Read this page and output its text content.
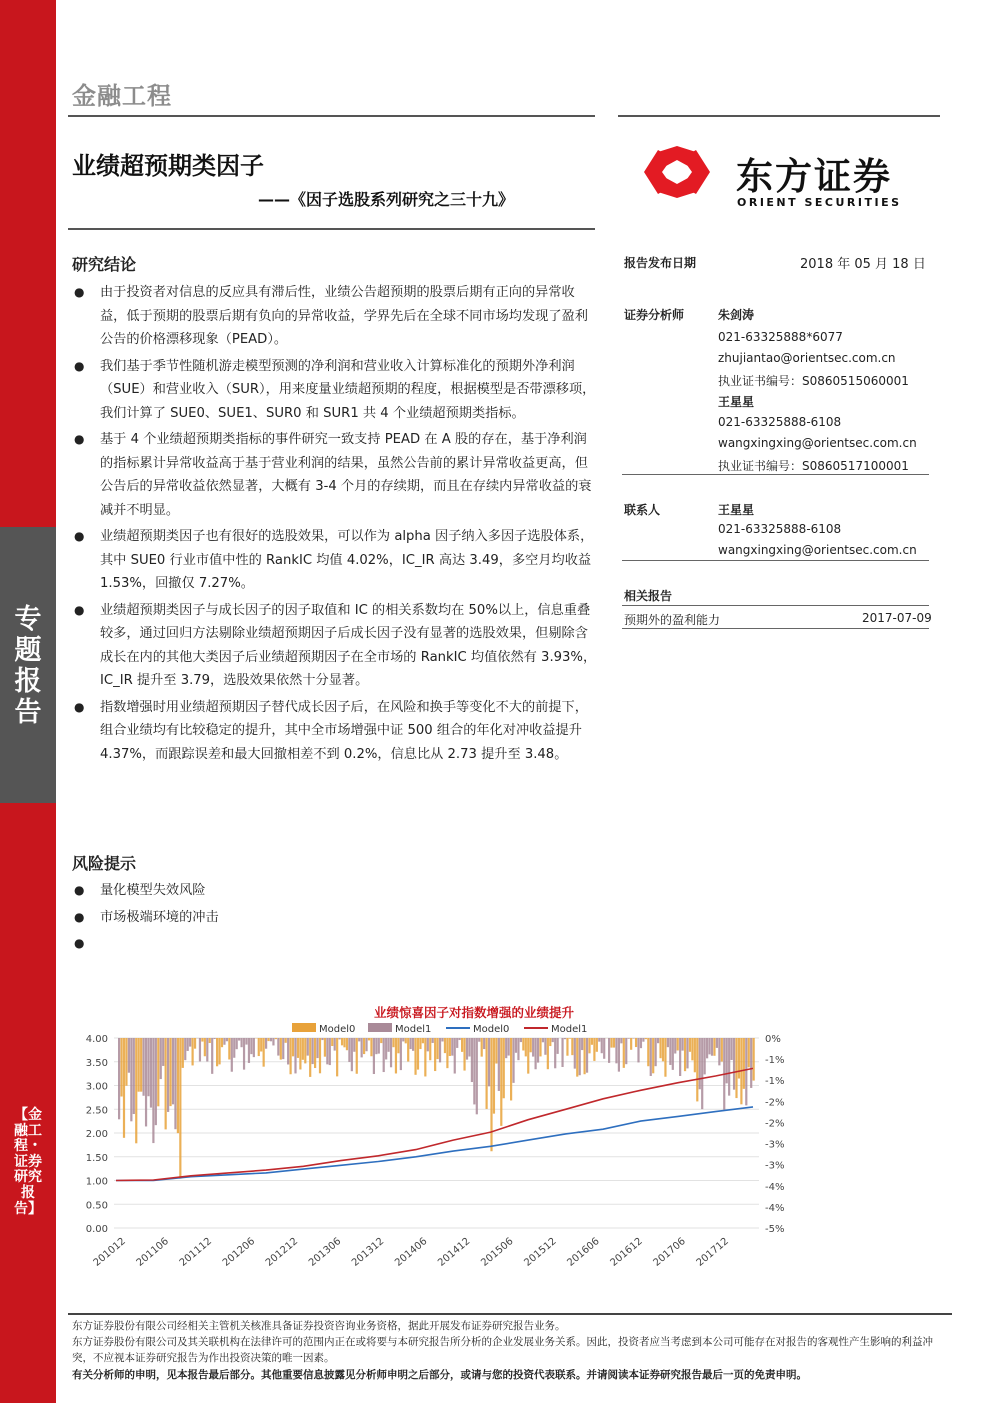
专题报告
【金融工程・证券研究报告】
金融工程
业绩超预期类因子
——《因子选股系列研究之三十九》
东方证券
ORIENT SECURITIES
研究结论
● 由于投资者对信息的反应具有滞后性，业绩公告超预期的股票后期有正向的异常收益，低于预期的股票后期有负向的异常收益，学界先后在全球不同市场均发现了盈利公告的价格漂移现象（PEAD）。
● 我们基于季节性随机游走模型预测的净利润和营业收入计算标准化的预期外净利润（SUE）和营业收入（SUR），用来度量业绩超预期的程度，根据模型是否带漂移项，我们计算了 SUE0、SUE1、SUR0 和 SUR1 共 4 个业绩超预期类指标。
● 基于 4 个业绩超预期类指标的事件研究一致支持 PEAD 在 A 股的存在，基于净利润的指标累计异常收益高于基于营业利润的结果，虽然公告前的累计异常收益更高，但公告后的异常收益依然显著，大概有 3-4 个月的存续期，而且在存续内异常收益的衰减并不明显。
● 业绩超预期类因子也有很好的选股效果，可以作为 alpha 因子纳入多因子选股体系，其中 SUE0 行业市值中性的 RankIC 均值 4.02%，IC_IR 高达 3.49，多空月均收益 1.53%，回撤仅 7.27%。
● 业绩超预期类因子与成长因子的因子取值和 IC 的相关系数均在 50%以上，信息重叠较多，通过回归方法剔除业绩超预期因子后成长因子没有显著的选股效果，但剔除含成长在内的其他大类因子后业绩超预期因子在全市场的 RankIC 均值依然有 3.93%，IC_IR 提升至 3.79，选股效果依然十分显著。
● 指数增强时用业绩超预期因子替代成长因子后，在风险和换手等变化不大的前提下，组合业绩均有比较稳定的提升，其中全市场增强中证 500 组合的年化对冲收益提升 4.37%，而跟踪误差和最大回撤相差不到 0.2%，信息比从 2.73 提升至 3.48。
风险提示
● 量化模型失效风险
● 市场极端环境的冲击
●
报告发布日期	2018 年 05 月 18 日
证券分析师	朱剑涛
021-63325888*6077
zhujiantao@orientsec.com.cn
执业证书编号：S0860515060001
王星星
021-63325888-6108
wangxingxing@orientsec.com.cn
执业证书编号：S0860517100001
联系人	王星星
021-63325888-6108
wangxingxing@orientsec.com.cn
相关报告
预期外的盈利能力	2017-07-09
业绩惊喜因子对指数增强的业绩提升
Model0	Model1	Model0	Model1
4.00
3.50
3.00
2.50
2.00
1.50
1.00
0.50
0.00
0%
-1%
-1%
-2%
-2%
-3%
-3%
-4%
-4%
-5%
201012 201106 201112 201206 201212 201306 201312 201406 201412 201506 201512 201606 201612 201706 201712
东方证券股份有限公司经相关主管机关核准具备证券投资咨询业务资格，据此开展发布证券研究报告业务。
东方证券股份有限公司及其关联机构在法律许可的范围内正在或将要与本研究报告所分析的企业发展业务关系。因此，投资者应当考虑到本公司可能存在对报告的客观性产生影响的利益冲突，不应视本证券研究报告为作出投资决策的唯一因素。
有关分析师的申明，见本报告最后部分。其他重要信息披露见分析师申明之后部分，或请与您的投资代表联系。并请阅读本证券研究报告最后一页的免责申明。
